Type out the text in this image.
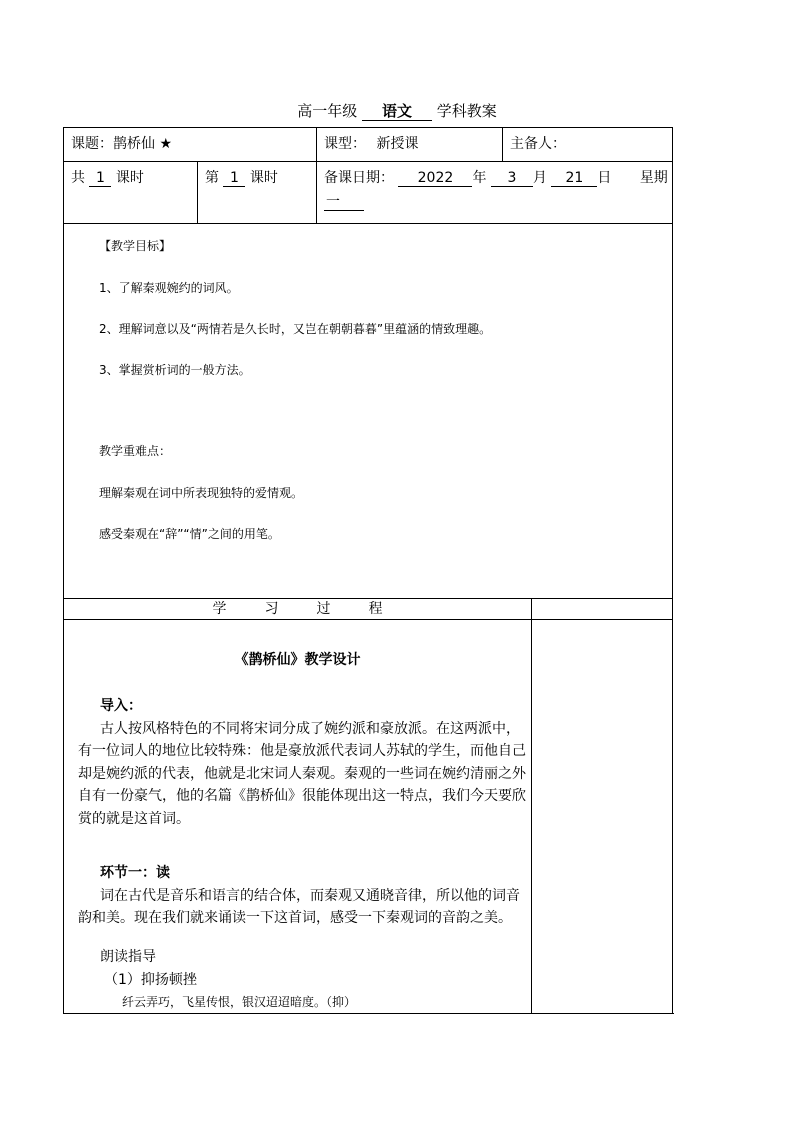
高一年级 语文 学科教案
课题：鹊桥仙 ★	课型： 新授课	主备人：
共 1 课时	第 1 课时	备课日期： 2022 年 3 月 21 日 星期
一

【教学目标】

1、了解秦观婉约的词风。

2、理解词意以及“两情若是久长时，又岂在朝朝暮暮”里蕴涵的情致理趣。

3、掌握赏析词的一般方法。

教学重难点：

理解秦观在词中所表现独特的爱情观。

感受秦观在“辞”“情”之间的用笔。

学习过程
《鹊桥仙》教学设计
导入：
古人按风格特色的不同将宋词分成了婉约派和豪放派。在这两派中，有一位词人的地位比较特殊：他是豪放派代表词人苏轼的学生，而他自己却是婉约派的代表，他就是北宋词人秦观。秦观的一些词在婉约清丽之外自有一份豪气，他的名篇《鹊桥仙》很能体现出这一特点，我们今天要欣赏的就是这首词。
环节一：读
词在古代是音乐和语言的结合体，而秦观又通晓音律，所以他的词音韵和美。现在我们就来诵读一下这首词，感受一下秦观词的音韵之美。
朗读指导
（1）抑扬顿挫
纤云弄巧，飞星传恨，银汉迢迢暗度。（抑）
